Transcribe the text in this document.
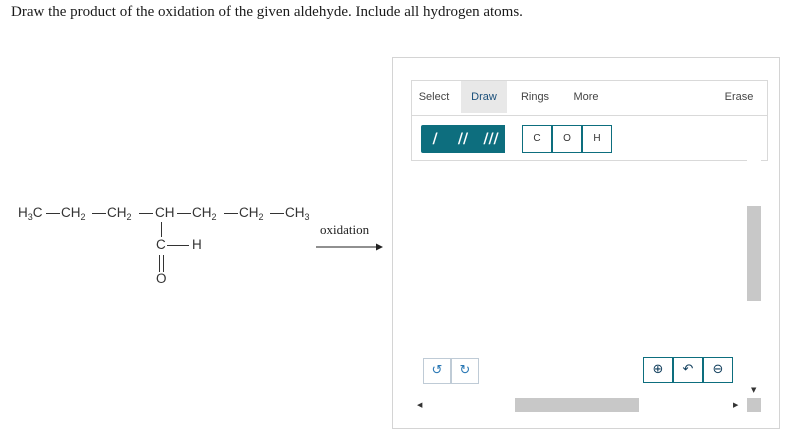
Draw the product of the oxidation of the given aldehyde. Include all hydrogen atoms.
$H_3C$ $CH_2$ $CH_2$ CH $CH_2$ $CH_2$ $CH_3$
C H
O
oxidation
Select	Draw	Rings	More	Erase
/	//	///	C	O	H
▼
↺	↻	⊕	↶	⊖
◀	▶
